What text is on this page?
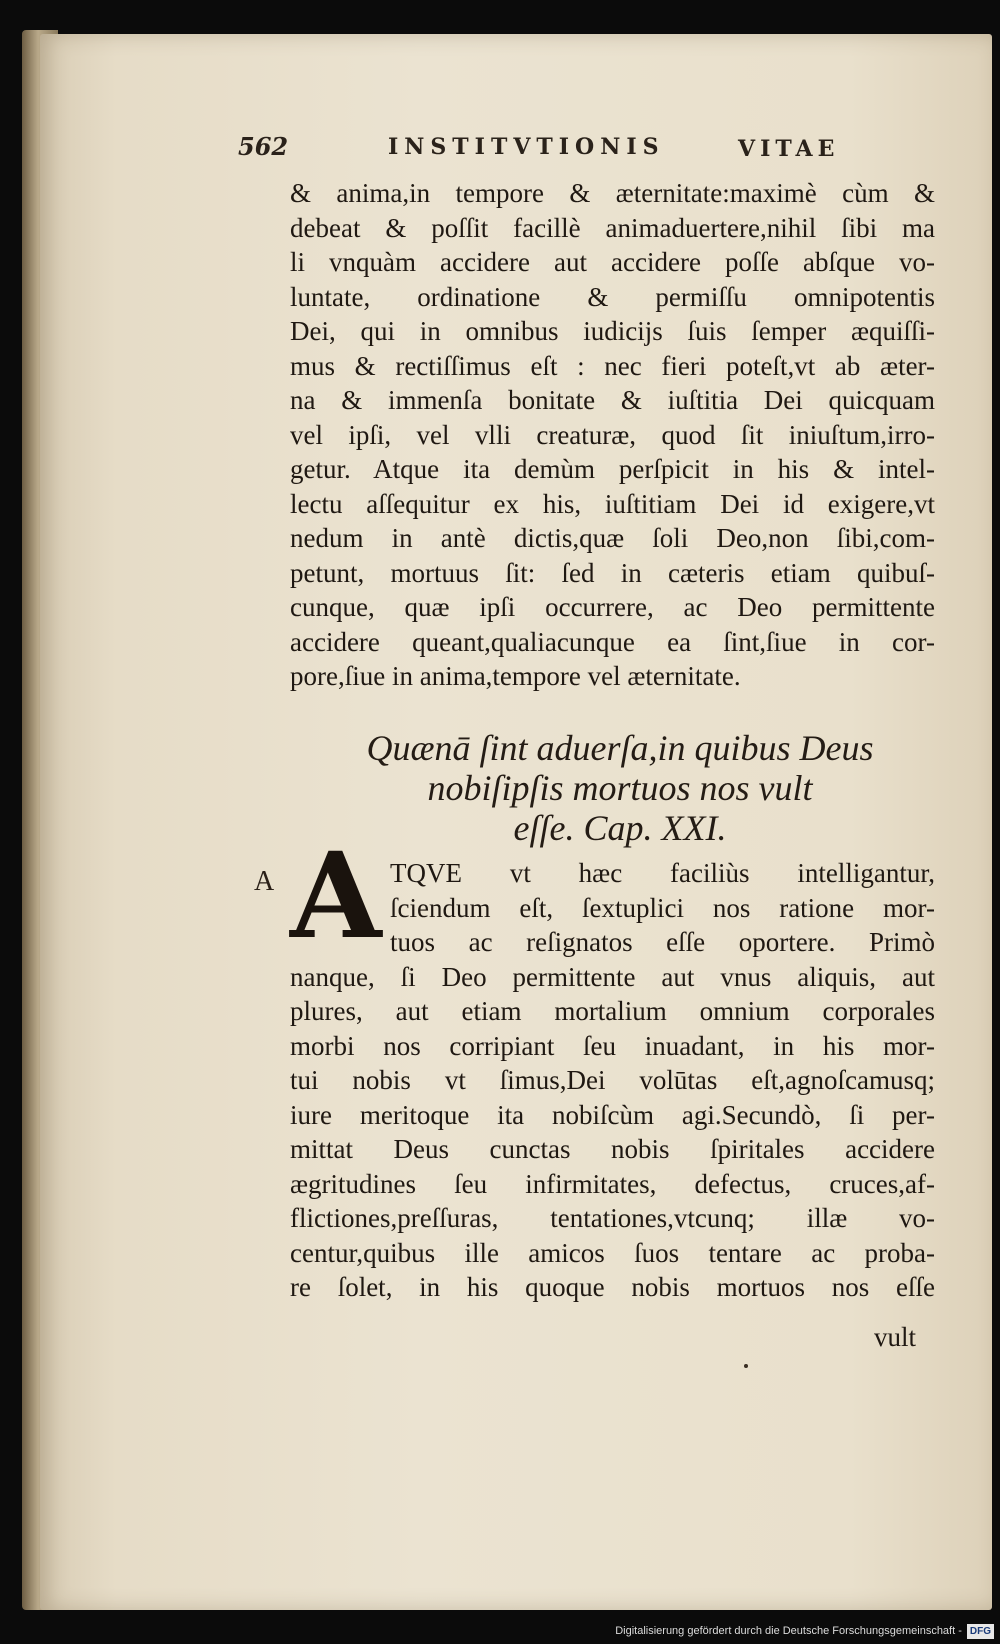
562	INSTITVTIONIS	VITAE
& anima,in tempore & æternitate:maximè cùm &
debeat & poſſit facillè animaduertere,nihil ſibi ma
li vnquàm accidere aut accidere poſſe abſque vo-
luntate, ordinatione & permiſſu omnipotentis
Dei, qui in omnibus iudicijs ſuis ſemper æquiſſi-
mus & rectiſſimus eſt : nec fieri poteſt,vt ab æter-
na & immenſa bonitate & iuſtitia Dei quicquam
vel ipſi, vel vlli creaturæ, quod ſit iniuſtum,irro-
getur. Atque ita demùm perſpicit in his & intel-
lectu aſſequitur ex his, iuſtitiam Dei id exigere,vt
nedum in antè dictis,quæ ſoli Deo,non ſibi,com-
petunt, mortuus ſit: ſed in cæteris etiam quibuſ-
cunque, quæ ipſi occurrere, ac Deo permittente
accidere queant,qualiacunque ea ſint,ſiue in cor-
pore,ſiue in anima,tempore vel æternitate.
Quænā ſint aduerſa,in quibus Deus
nobiſipſis mortuos nos vult
eſſe. Cap. XXI.
A A TQVE vt hæc faciliùs intelligantur,
ſciendum eſt, ſextuplici nos ratione mor-
tuos ac reſignatos eſſe oportere. Primò
nanque, ſi Deo permittente aut vnus aliquis, aut
plures, aut etiam mortalium omnium corporales
morbi nos corripiant ſeu inuadant, in his mor-
tui nobis vt ſimus,Dei volūtas eſt,agnoſcamusq;
iure meritoque ita nobiſcùm agi.Secundò, ſi per-
mittat Deus cunctas nobis ſpiritales accidere
ægritudines ſeu infirmitates, defectus, cruces,af-
flictiones,preſſuras, tentationes,vtcunq; illæ vo-
centur,quibus ille amicos ſuos tentare ac proba-
re ſolet, in his quoque nobis mortuos nos eſſe
vult
Digitalisierung gefördert durch die Deutsche Forschungsgemeinschaft - DFG
